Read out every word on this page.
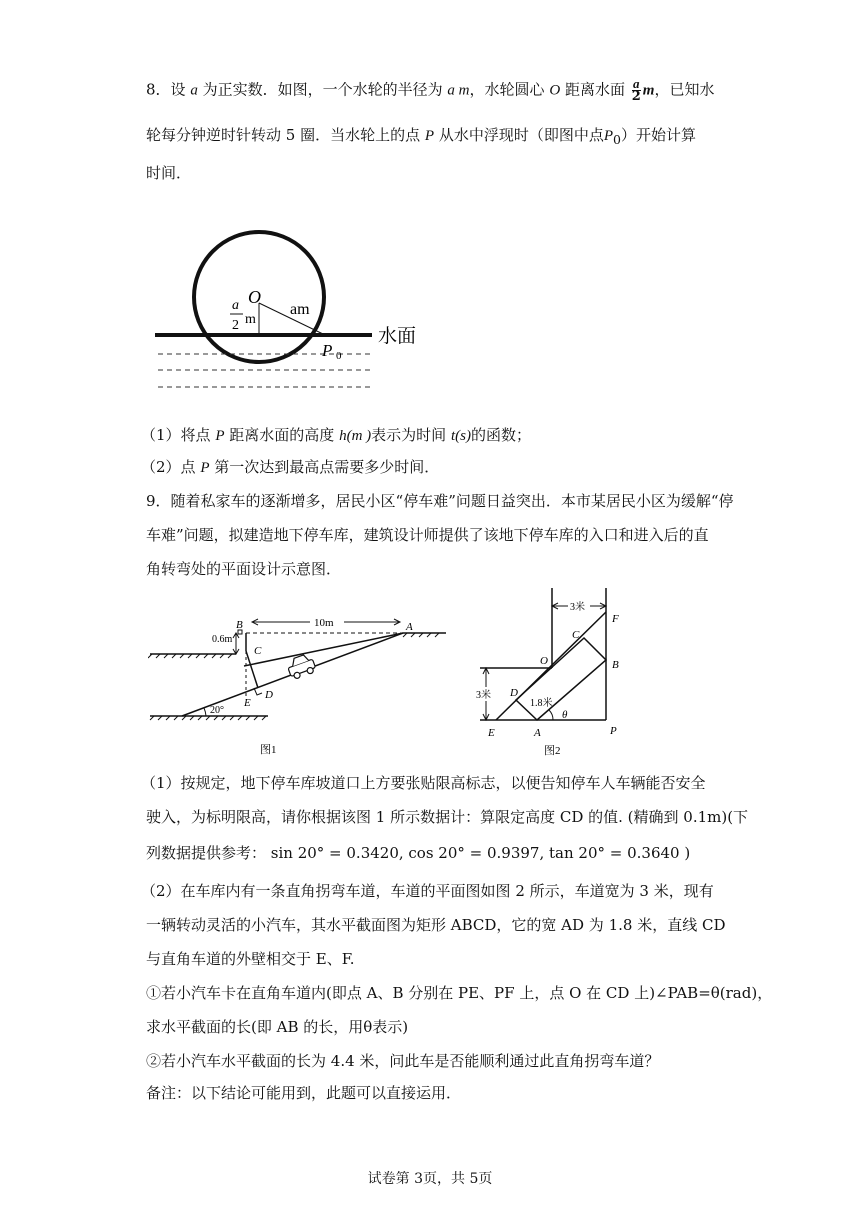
8．设 a 为正实数．如图，一个水轮的半径为 a m，水轮圆心 O 距离水面 $\frac{a}{2}$ m，已知水
轮每分钟逆时针转动 5 圈．当水轮上的点 P 从水中浮现时（即图中点$P_0$）开始计算
时间．
O
am
a
2 m
P 0
水面
（1）将点 P 距离水面的高度 h(m )表示为时间 t(s)的函数；
（2）点 P 第一次达到最高点需要多少时间．
9．随着私家车的逐渐增多，居民小区“停车难”问题日益突出．本市某居民小区为缓解“停
车难”问题，拟建造地下停车库，建筑设计师提供了该地下停车库的入口和进入后的直
角转弯处的平面设计示意图．
10m
0.6m
20°
B	A
C
D
E
图1
3米
3米
F
C
O	B
D
1.8米
θ
E	A	P
图2
（1）按规定，地下停车库坡道口上方要张贴限高标志，以便告知停车人车辆能否安全
驶入，为标明限高，请你根据该图 1 所示数据计：算限定高度 CD 的值. (精确到 0.1m)(下
列数据提供参考： sin 20° = 0.3420, cos 20° = 0.9397, tan 20° = 0.3640 )
（2）在车库内有一条直角拐弯车道，车道的平面图如图 2 所示，车道宽为 3 米，现有
一辆转动灵活的小汽车，其水平截面图为矩形 ABCD，它的宽 AD 为 1.8 米，直线 CD
与直角车道的外壁相交于 E、F.
①若小汽车卡在直角车道内(即点 A、B 分别在 PE、PF 上，点 O 在 CD 上)∠PAB=θ(rad)，
求水平截面的长(即 AB 的长，用θ表示)
②若小汽车水平截面的长为 4.4 米，问此车是否能顺利通过此直角拐弯车道？
备注：以下结论可能用到，此题可以直接运用．
试卷第 3页，共 5页
